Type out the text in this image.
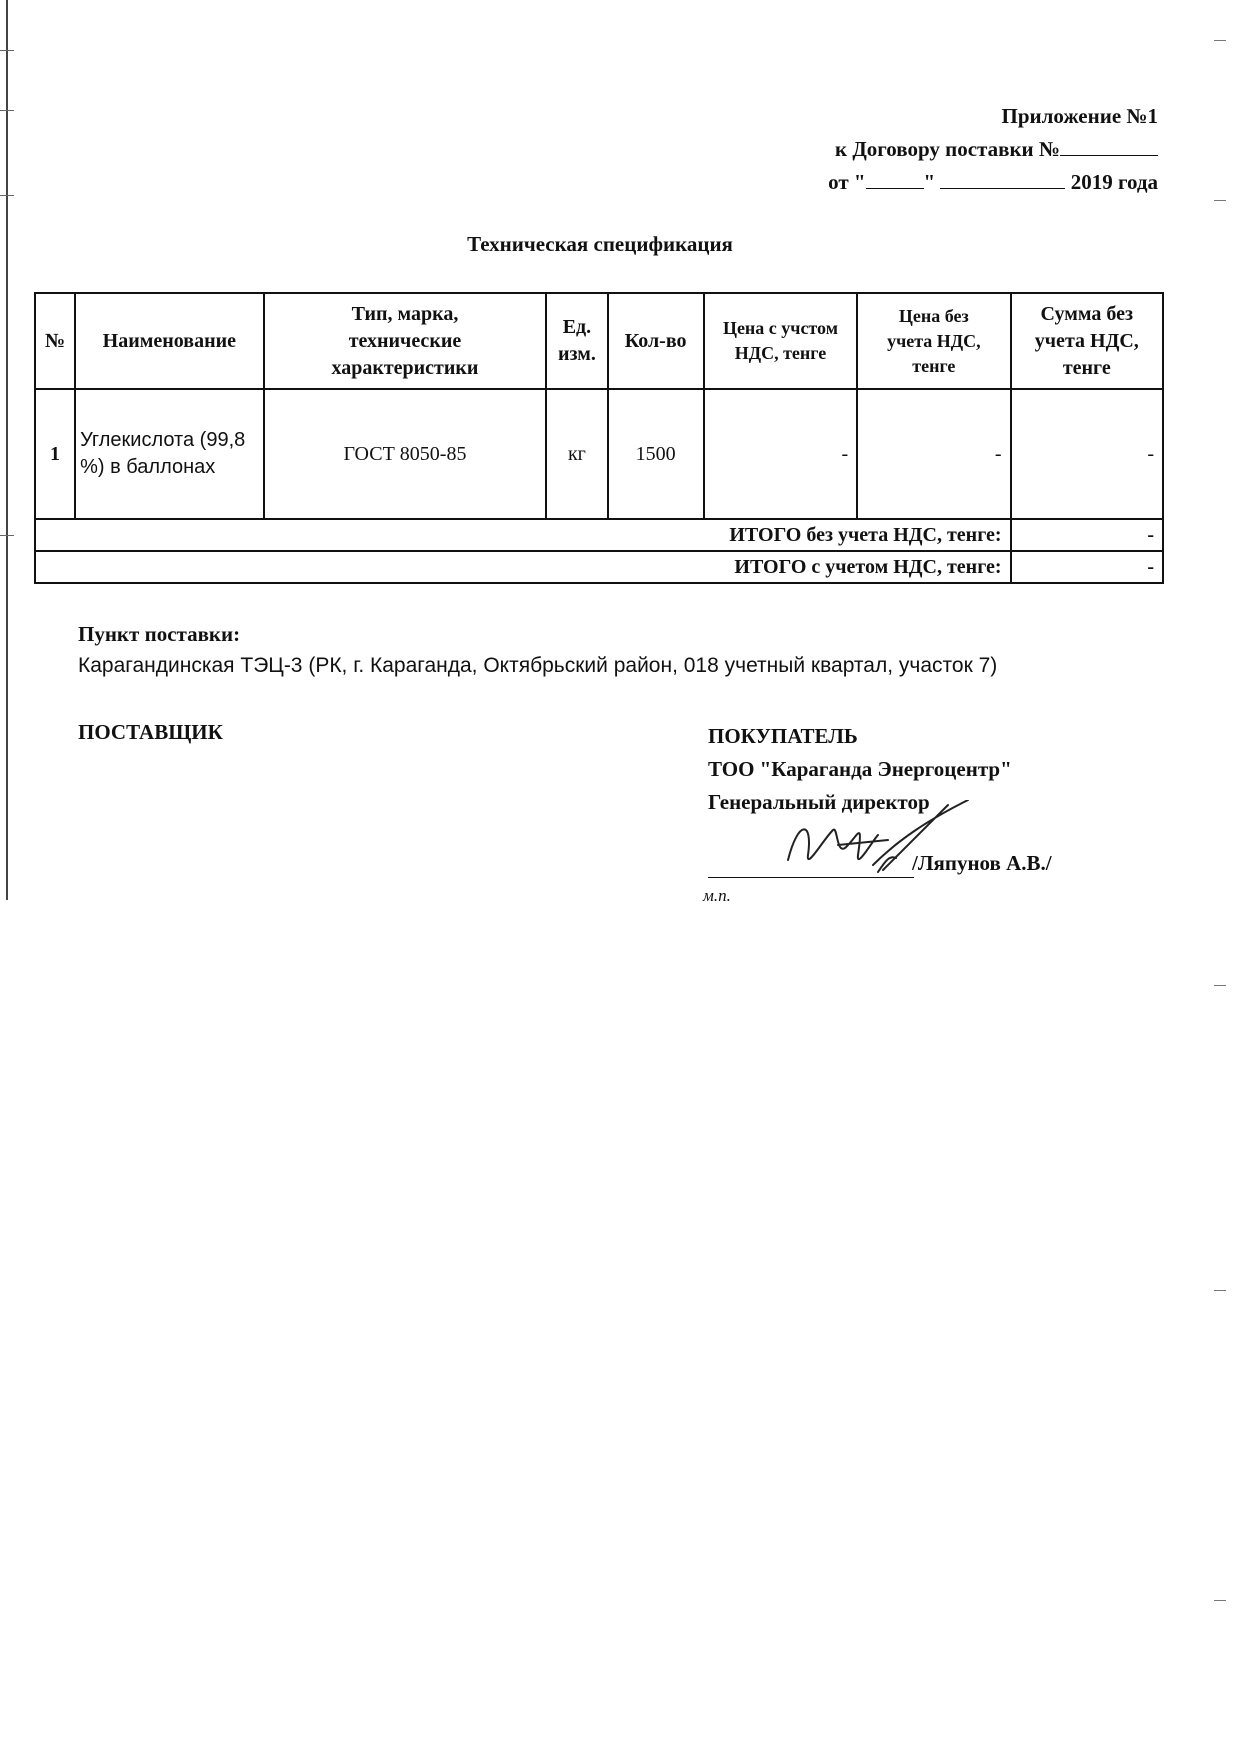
Приложение №1
к Договору поставки №
от "	"	2019 года
Техническая спецификация
№	Наименование	Тип, марка, технические характеристики	Ед. изм.	Кол-во	Цена с учстом НДС, тенге	Цена без учета НДС, тенге	Сумма без учета НДС, тенге
1	Углекислота (99,8 %) в баллонах	ГОСТ 8050-85	кг	1500	-	-	-
ИТОГО без учета НДС, тенге:							-
ИТОГО с учетом НДС, тенге:							-
Пункт поставки:
Карагандинская ТЭЦ-3 (РК, г. Караганда, Октябрьский район, 018 учетный квартал, участок 7)
ПОСТАВЩИК	ПОКУПАТЕЛЬ
ТОО "Караганда Энергоцентр"
Генеральный директор
/Ляпунов А.В./
м.п.
